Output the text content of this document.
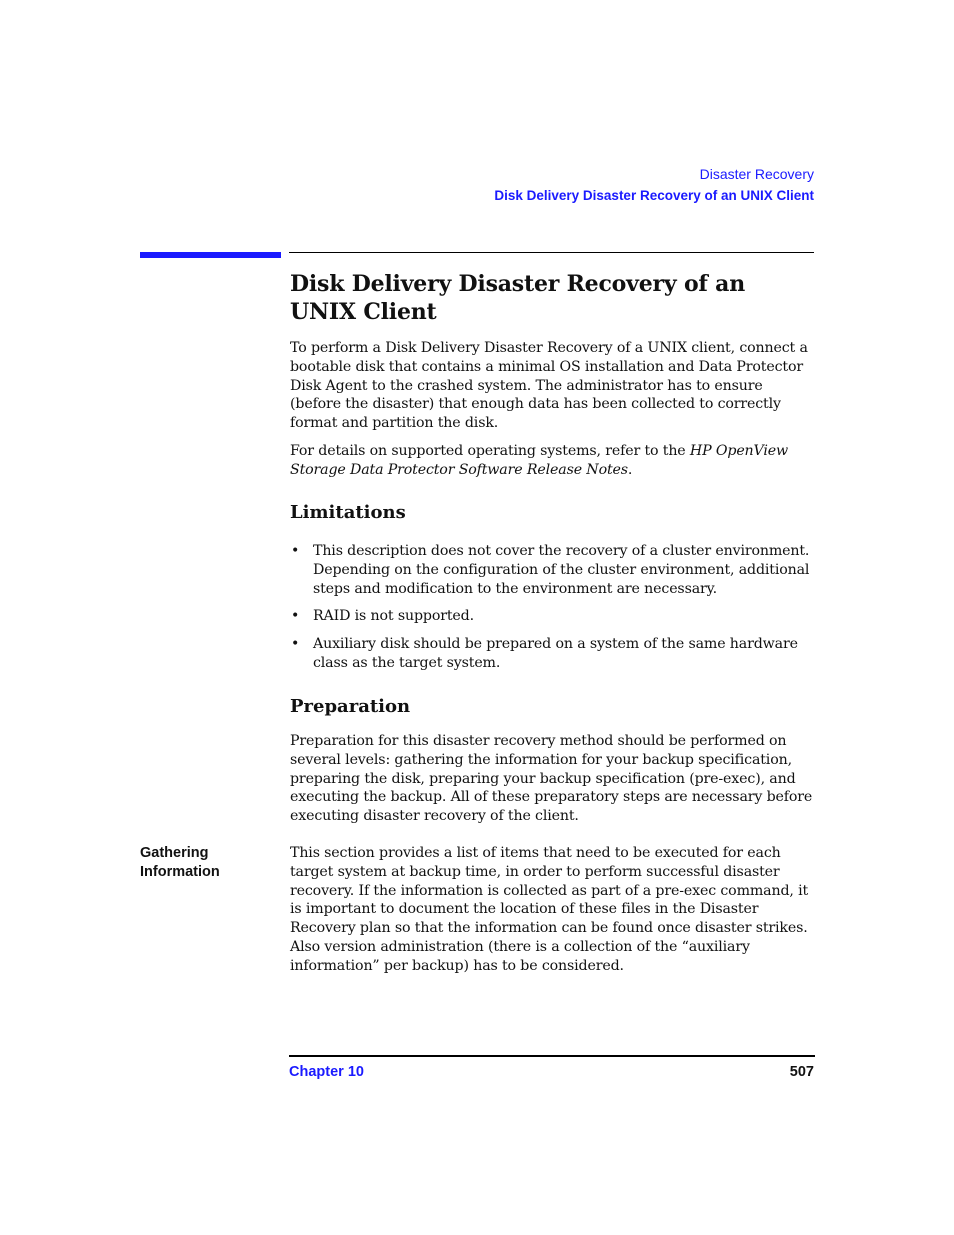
Disaster Recovery
Disk Delivery Disaster Recovery of an UNIX Client
Disk Delivery Disaster Recovery of an UNIX Client

To perform a Disk Delivery Disaster Recovery of a UNIX client, connect a bootable disk that contains a minimal OS installation and Data Protector Disk Agent to the crashed system. The administrator has to ensure (before the disaster) that enough data has been collected to correctly format and partition the disk.

For details on supported operating systems, refer to the HP OpenView Storage Data Protector Software Release Notes.

Limitations
• This description does not cover the recovery of a cluster environment. Depending on the configuration of the cluster environment, additional steps and modification to the environment are necessary.
• RAID is not supported.
• Auxiliary disk should be prepared on a system of the same hardware class as the target system.
Preparation

Preparation for this disaster recovery method should be performed on several levels: gathering the information for your backup specification, preparing the disk, preparing your backup specification (pre-exec), and executing the backup. All of these preparatory steps are necessary before executing disaster recovery of the client.

Gathering
Information

This section provides a list of items that need to be executed for each target system at backup time, in order to perform successful disaster recovery. If the information is collected as part of a pre-exec command, it is important to document the location of these files in the Disaster Recovery plan so that the information can be found once disaster strikes. Also version administration (there is a collection of the “auxiliary information” per backup) has to be considered.

Chapter 10	507
